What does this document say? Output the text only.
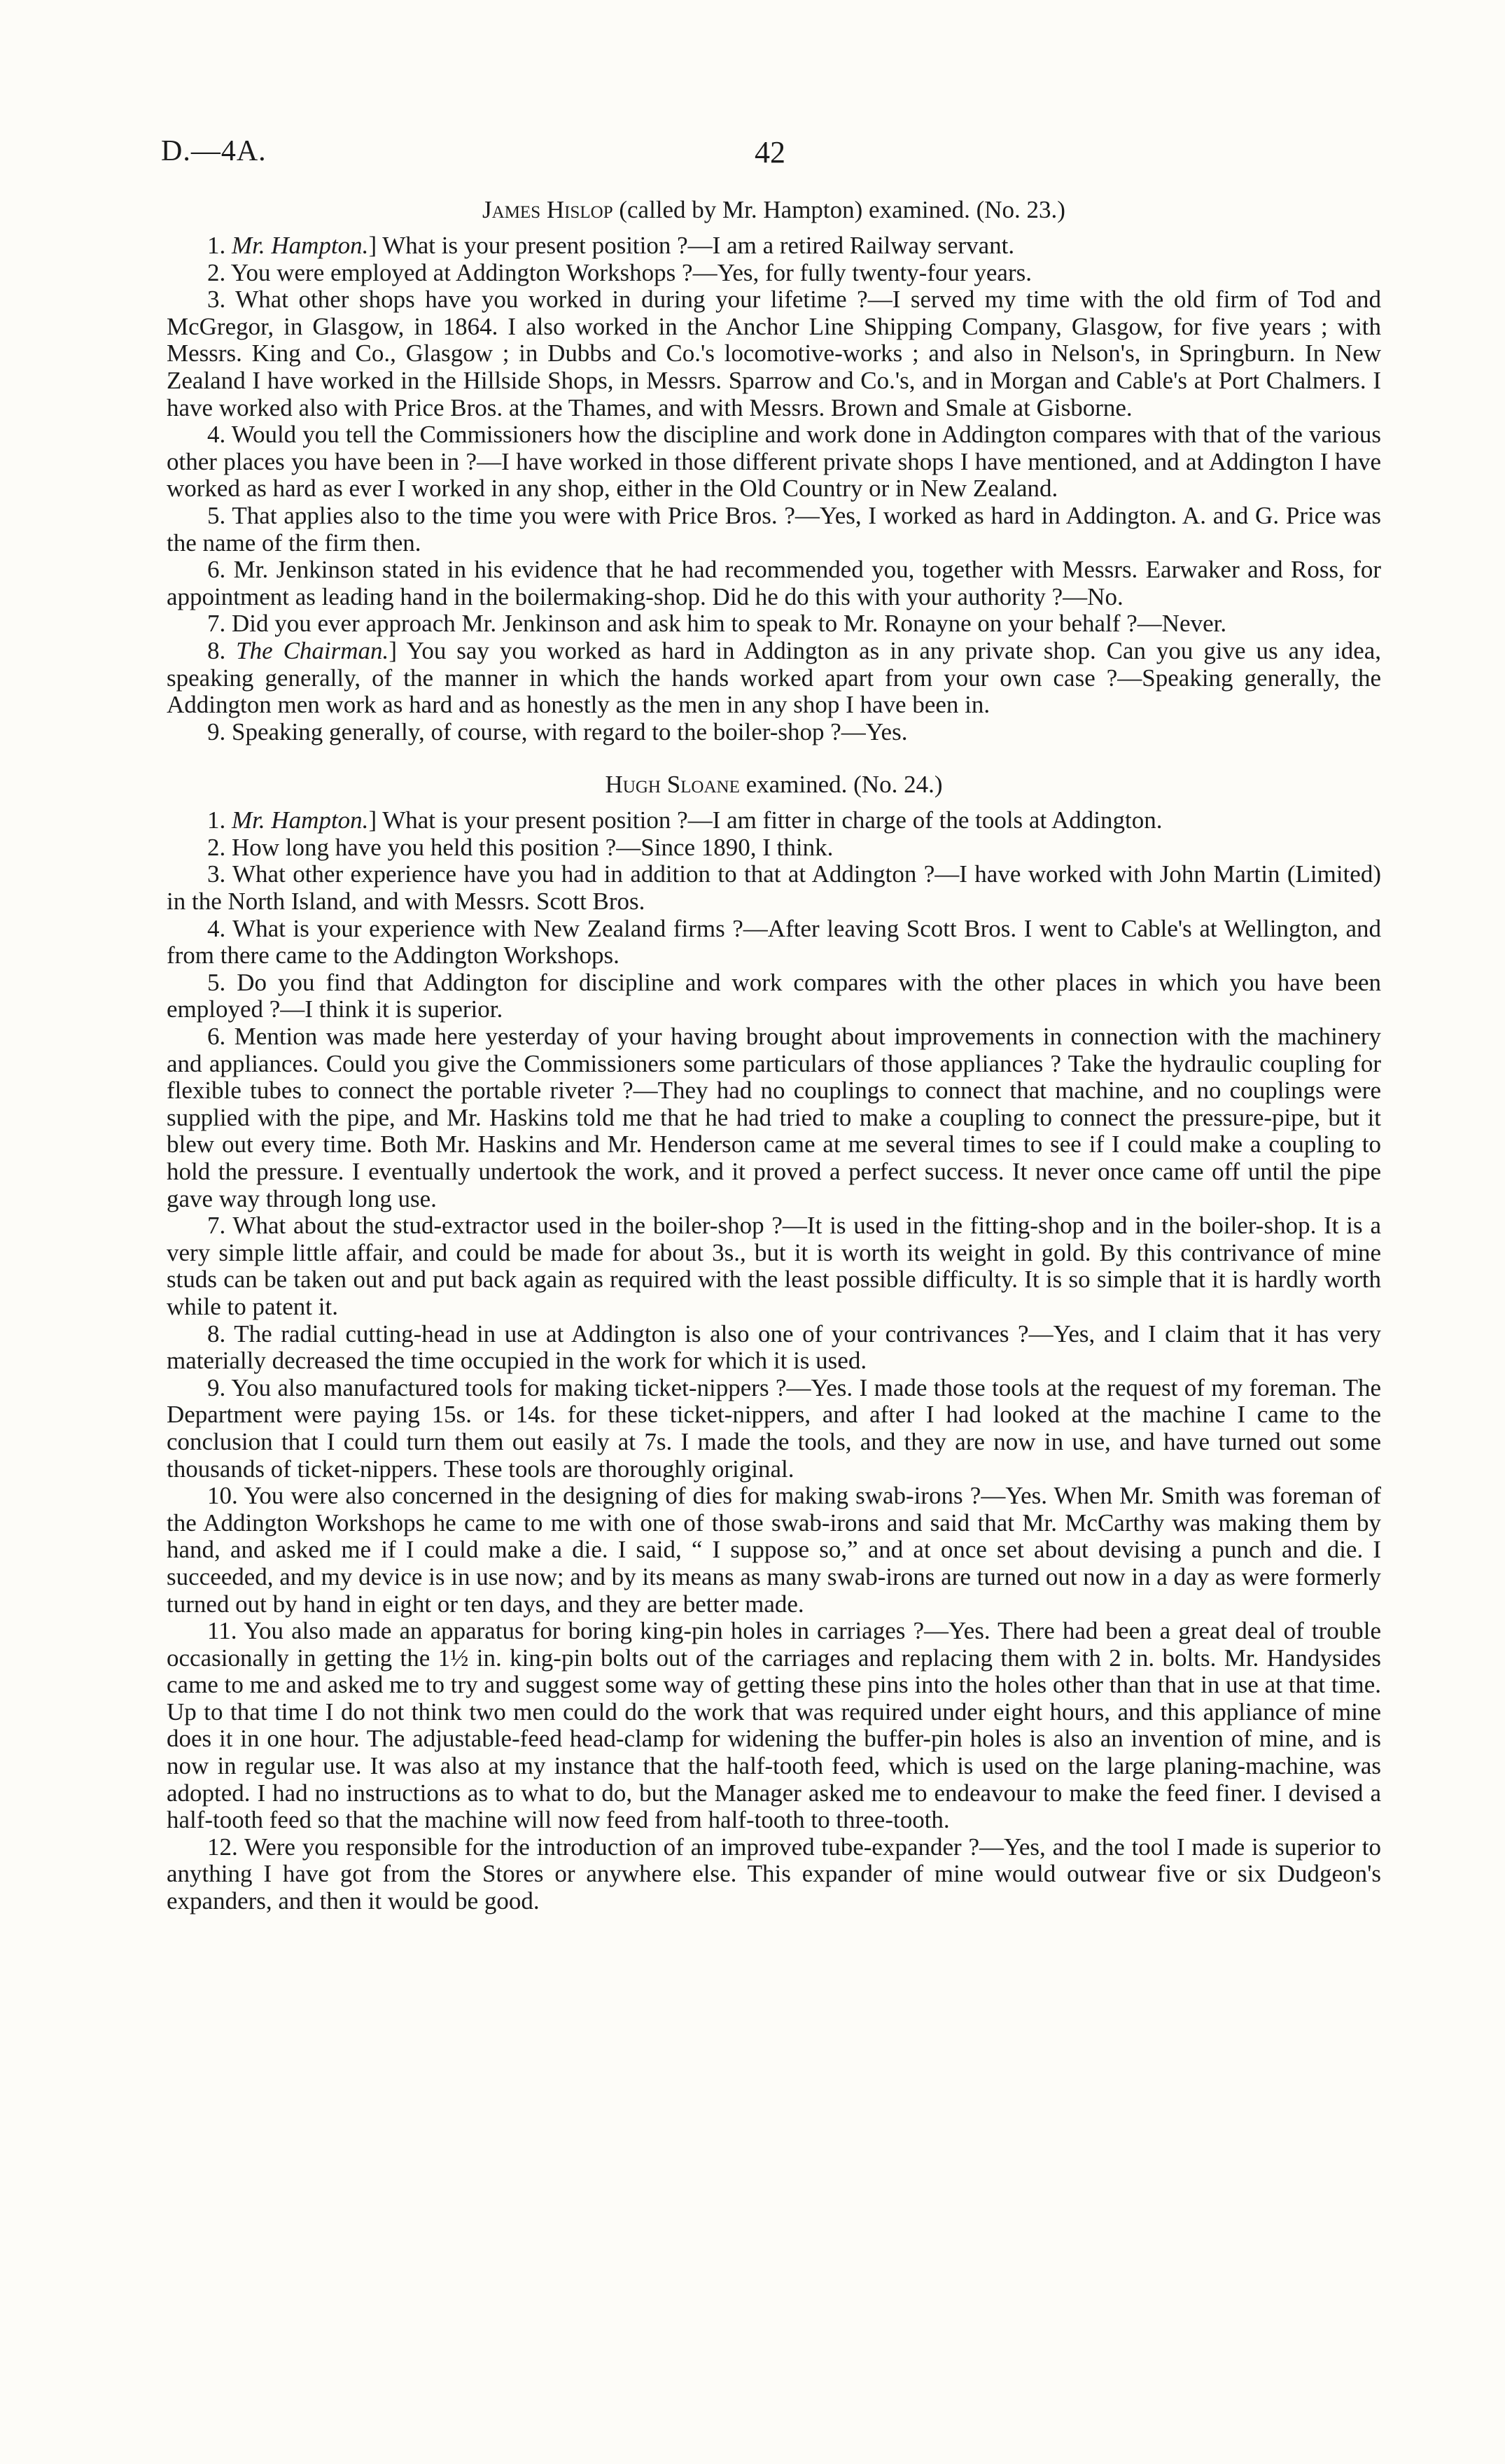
D.—4A.	42
James Hislop (called by Mr. Hampton) examined. (No. 23.)

1. Mr. Hampton.] What is your present position ?—I am a retired Railway servant.

2. You were employed at Addington Workshops ?—Yes, for fully twenty-four years.

3. What other shops have you worked in during your lifetime ?—I served my time with the old firm of Tod and McGregor, in Glasgow, in 1864. I also worked in the Anchor Line Shipping Company, Glasgow, for five years ; with Messrs. King and Co., Glasgow ; in Dubbs and Co.'s locomotive-works ; and also in Nelson's, in Springburn. In New Zealand I have worked in the Hillside Shops, in Messrs. Sparrow and Co.'s, and in Morgan and Cable's at Port Chalmers. I have worked also with Price Bros. at the Thames, and with Messrs. Brown and Smale at Gisborne.

4. Would you tell the Commissioners how the discipline and work done in Addington compares with that of the various other places you have been in ?—I have worked in those different private shops I have mentioned, and at Addington I have worked as hard as ever I worked in any shop, either in the Old Country or in New Zealand.

5. That applies also to the time you were with Price Bros. ?—Yes, I worked as hard in Addington. A. and G. Price was the name of the firm then.

6. Mr. Jenkinson stated in his evidence that he had recommended you, together with Messrs. Earwaker and Ross, for appointment as leading hand in the boilermaking-shop. Did he do this with your authority ?—No.

7. Did you ever approach Mr. Jenkinson and ask him to speak to Mr. Ronayne on your behalf ?—Never.

8. The Chairman.] You say you worked as hard in Addington as in any private shop. Can you give us any idea, speaking generally, of the manner in which the hands worked apart from your own case ?—Speaking generally, the Addington men work as hard and as honestly as the men in any shop I have been in.

9. Speaking generally, of course, with regard to the boiler-shop ?—Yes.

Hugh Sloane examined. (No. 24.)

1. Mr. Hampton.] What is your present position ?—I am fitter in charge of the tools at Addington.

2. How long have you held this position ?—Since 1890, I think.

3. What other experience have you had in addition to that at Addington ?—I have worked with John Martin (Limited) in the North Island, and with Messrs. Scott Bros.

4. What is your experience with New Zealand firms ?—After leaving Scott Bros. I went to Cable's at Wellington, and from there came to the Addington Workshops.

5. Do you find that Addington for discipline and work compares with the other places in which you have been employed ?—I think it is superior.

6. Mention was made here yesterday of your having brought about improvements in connection with the machinery and appliances. Could you give the Commissioners some particulars of those appliances ? Take the hydraulic coupling for flexible tubes to connect the portable riveter ?—They had no couplings to connect that machine, and no couplings were supplied with the pipe, and Mr. Haskins told me that he had tried to make a coupling to connect the pressure-pipe, but it blew out every time. Both Mr. Haskins and Mr. Henderson came at me several times to see if I could make a coupling to hold the pressure. I eventually undertook the work, and it proved a perfect success. It never once came off until the pipe gave way through long use.

7. What about the stud-extractor used in the boiler-shop ?—It is used in the fitting-shop and in the boiler-shop. It is a very simple little affair, and could be made for about 3s., but it is worth its weight in gold. By this contrivance of mine studs can be taken out and put back again as required with the least possible difficulty. It is so simple that it is hardly worth while to patent it.

8. The radial cutting-head in use at Addington is also one of your contrivances ?—Yes, and I claim that it has very materially decreased the time occupied in the work for which it is used.

9. You also manufactured tools for making ticket-nippers ?—Yes. I made those tools at the request of my foreman. The Department were paying 15s. or 14s. for these ticket-nippers, and after I had looked at the machine I came to the conclusion that I could turn them out easily at 7s. I made the tools, and they are now in use, and have turned out some thousands of ticket-nippers. These tools are thoroughly original.

10. You were also concerned in the designing of dies for making swab-irons ?—Yes. When Mr. Smith was foreman of the Addington Workshops he came to me with one of those swab-irons and said that Mr. McCarthy was making them by hand, and asked me if I could make a die. I said, “ I suppose so,” and at once set about devising a punch and die. I succeeded, and my device is in use now; and by its means as many swab-irons are turned out now in a day as were formerly turned out by hand in eight or ten days, and they are better made.

11. You also made an apparatus for boring king-pin holes in carriages ?—Yes. There had been a great deal of trouble occasionally in getting the 1½ in. king-pin bolts out of the carriages and replacing them with 2 in. bolts. Mr. Handysides came to me and asked me to try and suggest some way of getting these pins into the holes other than that in use at that time. Up to that time I do not think two men could do the work that was required under eight hours, and this appliance of mine does it in one hour. The adjustable-feed head-clamp for widening the buffer-pin holes is also an invention of mine, and is now in regular use. It was also at my instance that the half-tooth feed, which is used on the large planing-machine, was adopted. I had no instructions as to what to do, but the Manager asked me to endeavour to make the feed finer. I devised a half-tooth feed so that the machine will now feed from half-tooth to three-tooth.

12. Were you responsible for the introduction of an improved tube-expander ?—Yes, and the tool I made is superior to anything I have got from the Stores or anywhere else. This expander of mine would outwear five or six Dudgeon's expanders, and then it would be good.
